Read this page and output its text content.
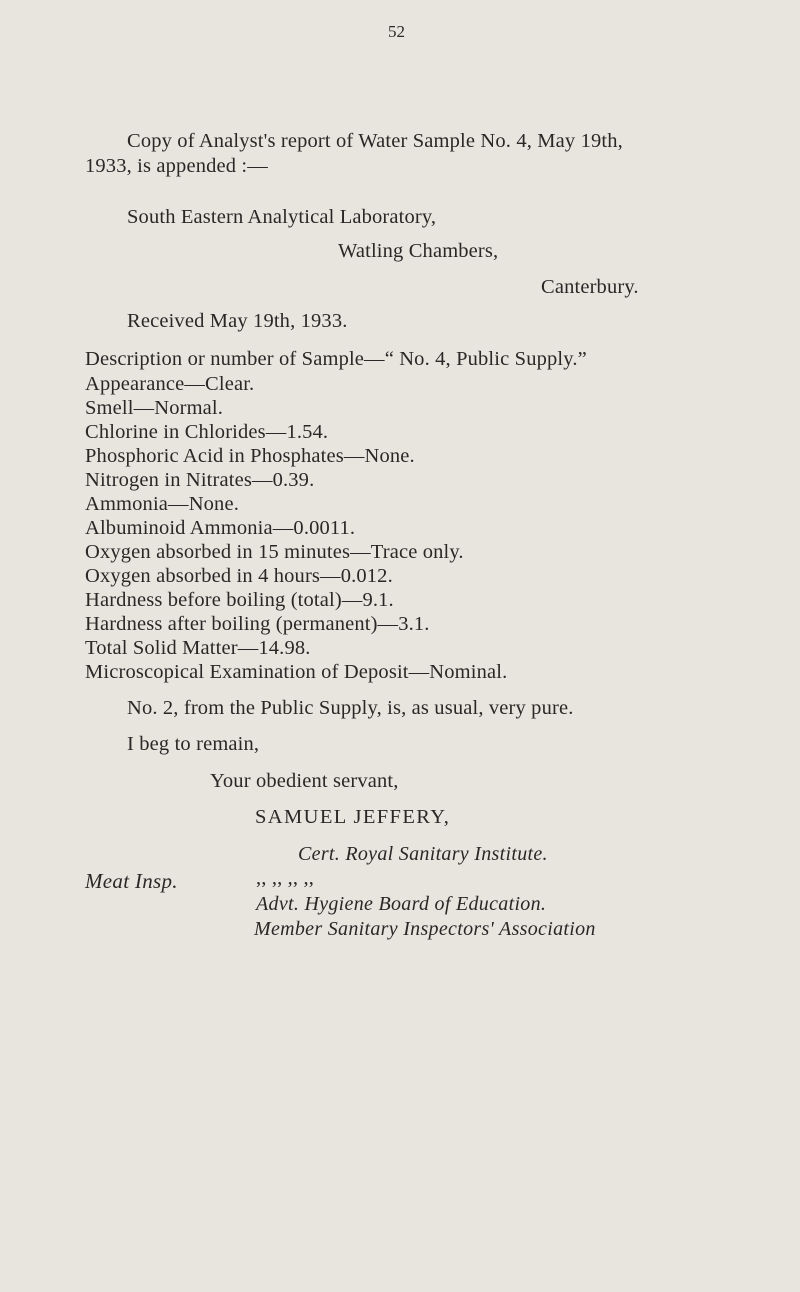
52
Copy of Analyst's report of Water Sample No. 4, May 19th,
1933, is appended :—
South Eastern Analytical Laboratory,
Watling Chambers,
Canterbury.
Received May 19th, 1933.
Description or number of Sample—“ No. 4, Public Supply.”
Appearance—Clear.
Smell—Normal.
Chlorine in Chlorides—1.54.
Phosphoric Acid in Phosphates—None.
Nitrogen in Nitrates—0.39.
Ammonia—None.
Albuminoid Ammonia—0.0011.
Oxygen absorbed in 15 minutes—Trace only.
Oxygen absorbed in 4 hours—0.012.
Hardness before boiling (total)—9.1.
Hardness after boiling (permanent)—3.1.
Total Solid Matter—14.98.
Microscopical Examination of Deposit—Nominal.
No. 2, from the Public Supply, is, as usual, very pure.
I beg to remain,
Your obedient servant,
SAMUEL JEFFERY,
Cert. Royal Sanitary Institute.
Meat Insp.	,, ,, ,, ,,
Advt. Hygiene Board of Education.
Member Sanitary Inspectors' Association
